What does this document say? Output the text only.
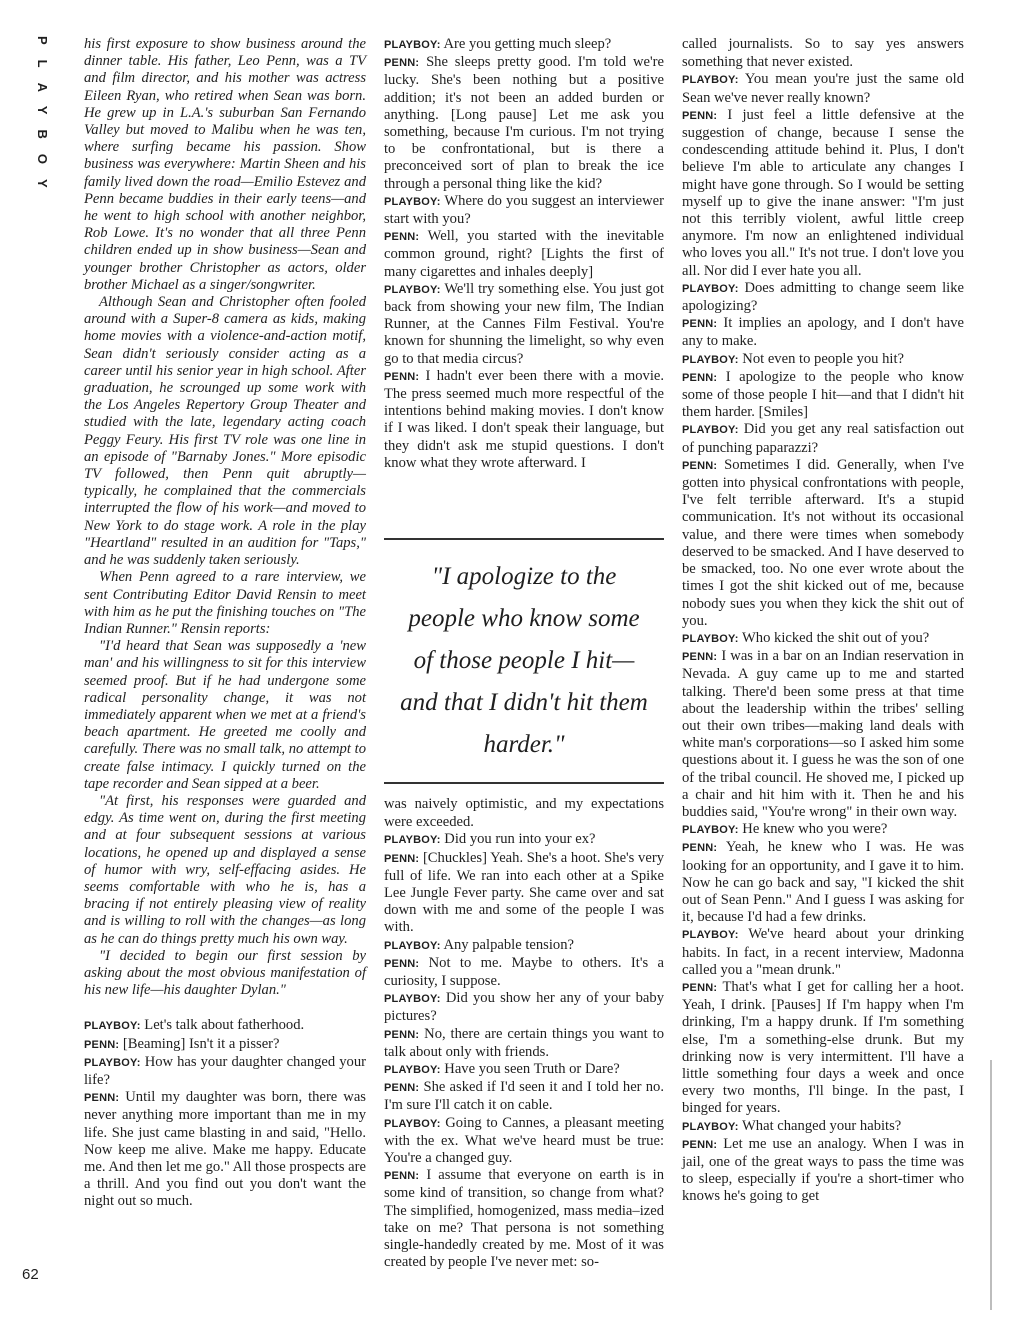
PLAYBOY
62

his first exposure to show business around the dinner table. His father, Leo Penn, was a TV and film director, and his mother was actress Eileen Ryan, who retired when Sean was born. He grew up in L.A.'s suburban San Fernando Valley but moved to Malibu when he was ten, where surfing became his passion. Show business was everywhere: Martin Sheen and his family lived down the road—Emilio Estevez and Penn became buddies in their early teens—and he went to high school with another neighbor, Rob Lowe. It's no wonder that all three Penn children ended up in show business—Sean and younger brother Christopher as actors, older brother Michael as a singer/songwriter.

Although Sean and Christopher often fooled around with a Super-8 camera as kids, making home movies with a violence-and-action motif, Sean didn't seriously consider acting as a career until his senior year in high school. After graduation, he scrounged up some work with the Los Angeles Repertory Group Theater and studied with the late, legendary acting coach Peggy Feury. His first TV role was one line in an episode of "Barnaby Jones." More episodic TV followed, then Penn quit abruptly—typically, he complained that the commercials interrupted the flow of his work—and moved to New York to do stage work. A role in the play "Heartland" resulted in an audition for "Taps," and he was suddenly taken seriously.

When Penn agreed to a rare interview, we sent Contributing Editor David Rensin to meet with him as he put the finishing touches on "The Indian Runner." Rensin reports:

"I'd heard that Sean was supposedly a 'new man' and his willingness to sit for this interview seemed proof. But if he had undergone some radical personality change, it was not immediately apparent when we met at a friend's beach apartment. He greeted me coolly and carefully. There was no small talk, no attempt to create false intimacy. I quickly turned on the tape recorder and Sean sipped at a beer.

"At first, his responses were guarded and edgy. As time went on, during the first meeting and at four subsequent sessions at various locations, he opened up and displayed a sense of humor with wry, self-effacing asides. He seems comfortable with who he is, has a bracing if not entirely pleasing view of reality and is willing to roll with the changes—as long as he can do things pretty much his own way.

"I decided to begin our first session by asking about the most obvious manifestation of his new life—his daughter Dylan."

PLAYBOY: Let's talk about fatherhood.

PENN: [Beaming] Isn't it a pisser?

PLAYBOY: How has your daughter changed your life?

PENN: Until my daughter was born, there was never anything more important than me in my life. She just came blasting in and said, "Hello. Now keep me alive. Make me happy. Educate me. And then let me go." All those prospects are a thrill. And you find out you don't want the night out so much.

PLAYBOY: Are you getting much sleep?

PENN: She sleeps pretty good. I'm told we're lucky. She's been nothing but a positive addition; it's not been an added burden or anything. [Long pause] Let me ask you something, because I'm curious. I'm not trying to be confrontational, but is there a preconceived sort of plan to break the ice through a personal thing like the kid?

PLAYBOY: Where do you suggest an interviewer start with you?

PENN: Well, you started with the inevitable common ground, right? [Lights the first of many cigarettes and inhales deeply]

PLAYBOY: We'll try something else. You just got back from showing your new film, The Indian Runner, at the Cannes Film Festival. You're known for shunning the limelight, so why even go to that media circus?

PENN: I hadn't ever been there with a movie. The press seemed much more respectful of the intentions behind making movies. I don't know if I was liked. I don't speak their language, but they didn't ask me stupid questions. I don't know what they wrote afterward. I

"I apologize to the people who know some of those people I hit—and that I didn't hit them harder."

was naively optimistic, and my expectations were exceeded.

PLAYBOY: Did you run into your ex?

PENN: [Chuckles] Yeah. She's a hoot. She's very full of life. We ran into each other at a Spike Lee Jungle Fever party. She came over and sat down with me and some of the people I was with.

PLAYBOY: Any palpable tension?

PENN: Not to me. Maybe to others. It's a curiosity, I suppose.

PLAYBOY: Did you show her any of your baby pictures?

PENN: No, there are certain things you want to talk about only with friends.

PLAYBOY: Have you seen Truth or Dare?

PENN: She asked if I'd seen it and I told her no. I'm sure I'll catch it on cable.

PLAYBOY: Going to Cannes, a pleasant meeting with the ex. What we've heard must be true: You're a changed guy.

PENN: I assume that everyone on earth is in some kind of transition, so change from what? The simplified, homogenized, mass media–ized take on me? That persona is not something single-handedly created by me. Most of it was created by people I've never met: so-

called journalists. So to say yes answers something that never existed.

PLAYBOY: You mean you're just the same old Sean we've never really known?

PENN: I just feel a little defensive at the suggestion of change, because I sense the condescending attitude behind it. Plus, I don't believe I'm able to articulate any changes I might have gone through. So I would be setting myself up to give the inane answer: "I'm just not this terribly violent, awful little creep anymore. I'm now an enlightened individual who loves you all." It's not true. I don't love you all. Nor did I ever hate you all.

PLAYBOY: Does admitting to change seem like apologizing?

PENN: It implies an apology, and I don't have any to make.

PLAYBOY: Not even to people you hit?

PENN: I apologize to the people who know some of those people I hit—and that I didn't hit them harder. [Smiles]

PLAYBOY: Did you get any real satisfaction out of punching paparazzi?

PENN: Sometimes I did. Generally, when I've gotten into physical confrontations with people, I've felt terrible afterward. It's a stupid communication. It's not without its occasional value, and there were times when somebody deserved to be smacked. And I have deserved to be smacked, too. No one ever wrote about the times I got the shit kicked out of me, because nobody sues you when they kick the shit out of you.

PLAYBOY: Who kicked the shit out of you?

PENN: I was in a bar on an Indian reservation in Nevada. A guy came up to me and started talking. There'd been some press at that time about the leadership within the tribes' selling out their own tribes—making land deals with white man's corporations—so I asked him some questions about it. I guess he was the son of one of the tribal council. He shoved me, I picked up a chair and hit him with it. Then he and his buddies said, "You're wrong" in their own way.

PLAYBOY: He knew who you were?

PENN: Yeah, he knew who I was. He was looking for an opportunity, and I gave it to him. Now he can go back and say, "I kicked the shit out of Sean Penn." And I guess I was asking for it, because I'd had a few drinks.

PLAYBOY: We've heard about your drinking habits. In fact, in a recent interview, Madonna called you a "mean drunk."

PENN: That's what I get for calling her a hoot. Yeah, I drink. [Pauses] If I'm happy when I'm drinking, I'm a happy drunk. If I'm something else, I'm a something-else drunk. But my drinking now is very intermittent. I'll have a little something four days a week and once every two months, I'll binge. In the past, I binged for years.

PLAYBOY: What changed your habits?

PENN: Let me use an analogy. When I was in jail, one of the great ways to pass the time was to sleep, especially if you're a short-timer who knows he's going to get
